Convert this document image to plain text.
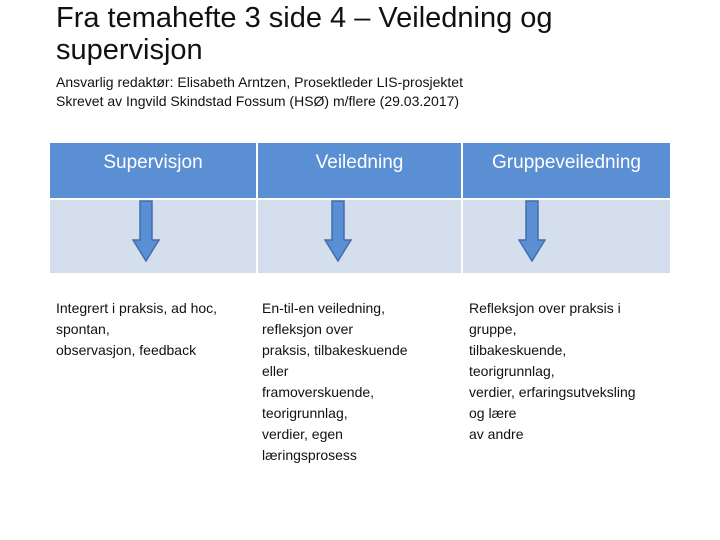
Fra temahefte 3 side 4 – Veiledning og
supervisjon
Ansvarlig redaktør: Elisabeth Arntzen, Prosektleder LIS-prosjektet
Skrevet av Ingvild Skindstad Fossum (HSØ) m/flere (29.03.2017)
Supervisjon	Veiledning	Gruppeveiledning
Integrert i praksis, ad hoc,
spontan,
observasjon, feedback
En-til-en veiledning,
refleksjon over
praksis, tilbakeskuende
eller
framoverskuende,
teorigrunnlag,
verdier, egen
læringsprosess
Refleksjon over praksis i
gruppe,
tilbakeskuende,
teorigrunnlag,
verdier, erfaringsutveksling
og lære
av andre
